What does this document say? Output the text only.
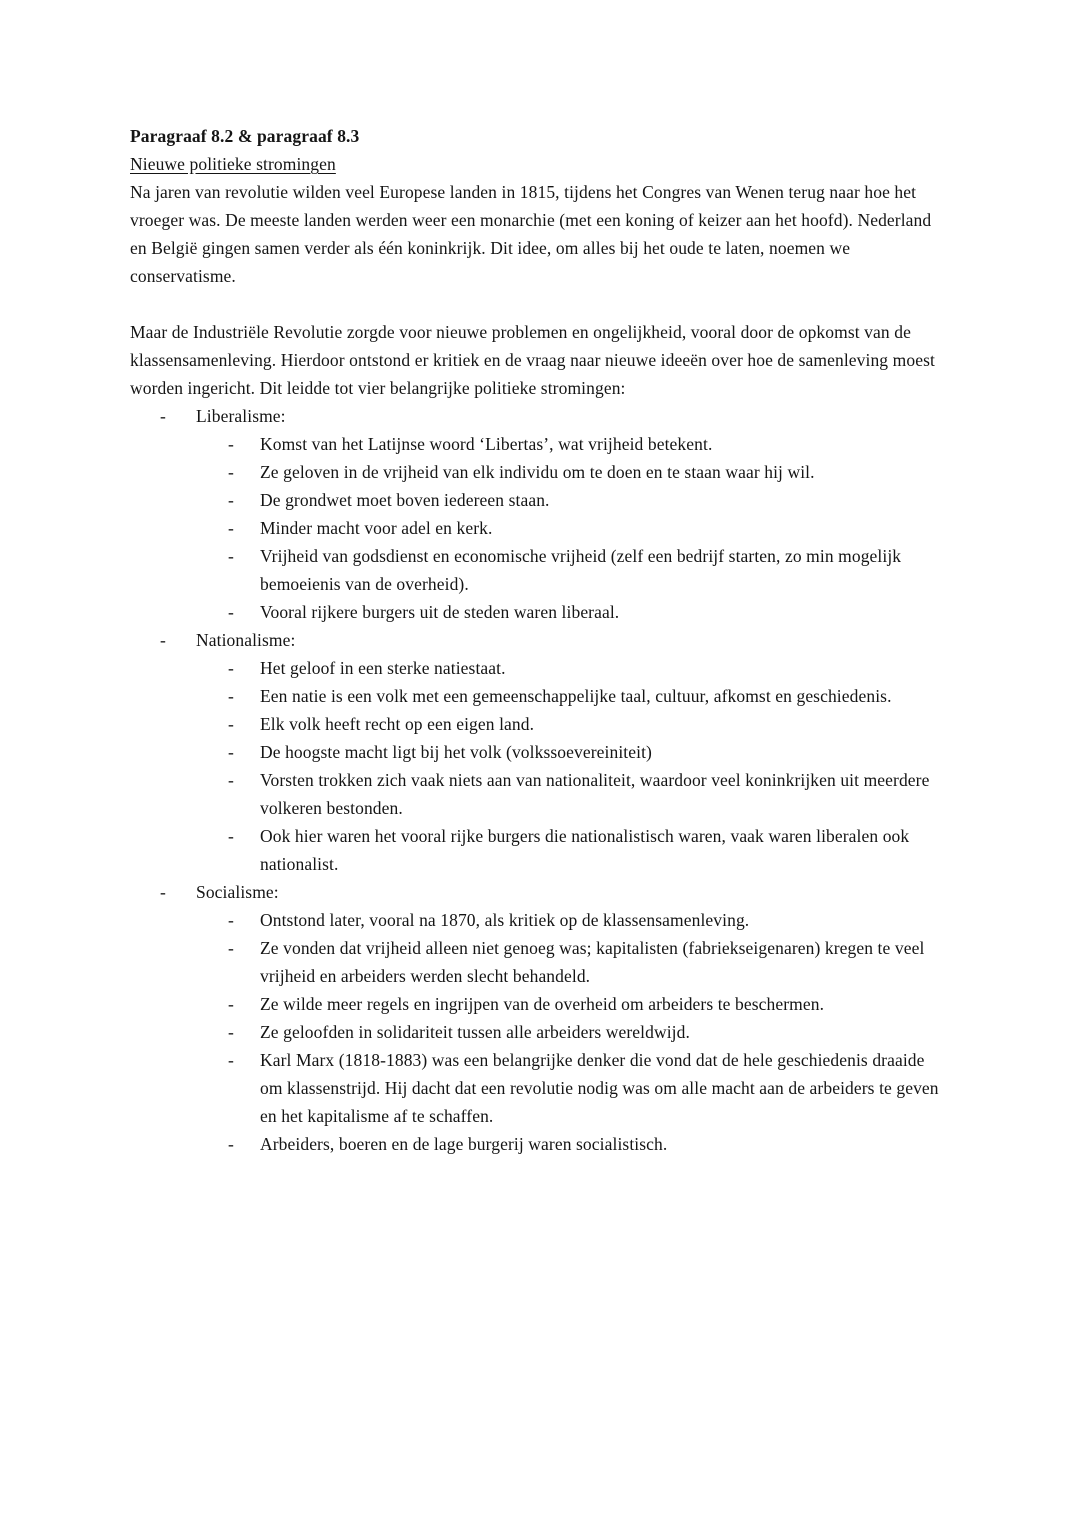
Paragraaf 8.2 & paragraaf 8.3
Nieuwe politieke stromingen

Na jaren van revolutie wilden veel Europese landen in 1815, tijdens het Congres van Wenen terug naar hoe het vroeger was. De meeste landen werden weer een monarchie (met een koning of keizer aan het hoofd). Nederland en België gingen samen verder als één koninkrijk. Dit idee, om alles bij het oude te laten, noemen we conservatisme.

Maar de Industriële Revolutie zorgde voor nieuwe problemen en ongelijkheid, vooral door de opkomst van de klassensamenleving. Hierdoor ontstond er kritiek en de vraag naar nieuwe ideeën over hoe de samenleving moest worden ingericht. Dit leidde tot vier belangrijke politieke stromingen:

-	Liberalisme:
-	Komst van het Latijnse woord ‘Libertas’, wat vrijheid betekent.
-	Ze geloven in de vrijheid van elk individu om te doen en te staan waar hij wil.
-	De grondwet moet boven iedereen staan.
-	Minder macht voor adel en kerk.
-	Vrijheid van godsdienst en economische vrijheid (zelf een bedrijf starten, zo min mogelijk bemoeienis van de overheid).
-	Vooral rijkere burgers uit de steden waren liberaal.
-	Nationalisme:
-	Het geloof in een sterke natiestaat.
-	Een natie is een volk met een gemeenschappelijke taal, cultuur, afkomst en geschiedenis.
-	Elk volk heeft recht op een eigen land.
-	De hoogste macht ligt bij het volk (volkssoevereiniteit)
-	Vorsten trokken zich vaak niets aan van nationaliteit, waardoor veel koninkrijken uit meerdere volkeren bestonden.
-	Ook hier waren het vooral rijke burgers die nationalistisch waren, vaak waren liberalen ook nationalist.
-	Socialisme:
-	Ontstond later, vooral na 1870, als kritiek op de klassensamenleving.
-	Ze vonden dat vrijheid alleen niet genoeg was; kapitalisten (fabriekseigenaren) kregen te veel vrijheid en arbeiders werden slecht behandeld.
-	Ze wilde meer regels en ingrijpen van de overheid om arbeiders te beschermen.
-	Ze geloofden in solidariteit tussen alle arbeiders wereldwijd.
-	Karl Marx (1818-1883) was een belangrijke denker die vond dat de hele geschiedenis draaide om klassenstrijd. Hij dacht dat een revolutie nodig was om alle macht aan de arbeiders te geven en het kapitalisme af te schaffen.
-	Arbeiders, boeren en de lage burgerij waren socialistisch.
